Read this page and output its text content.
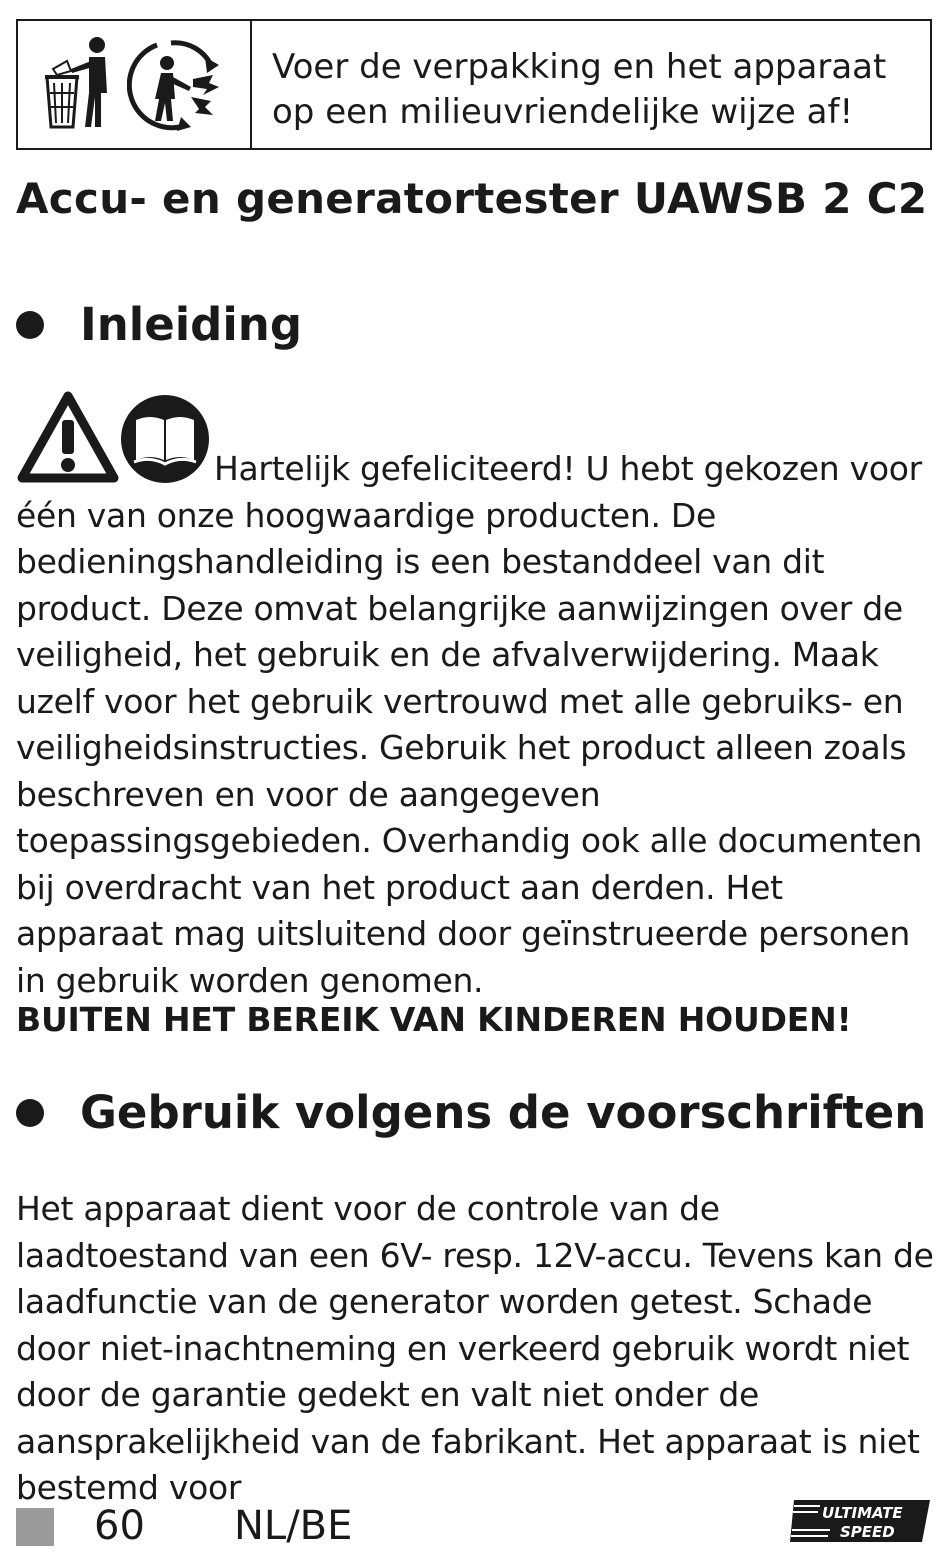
Voer de verpakking en het apparaat
op een milieuvriendelijke wijze af!
Accu- en generatortester UAWSB 2 C2
Inleiding

Hartelijk gefeliciteerd! U hebt gekozen voor één van onze hoogwaardige producten. De bedieningshandleiding is een bestanddeel van dit product. Deze omvat belangrijke aanwijzingen over de veiligheid, het gebruik en de afvalverwijdering. Maak uzelf voor het gebruik vertrouwd met alle gebruiks- en veiligheidsinstructies. Gebruik het product alleen zoals beschreven en voor de aangegeven toepassingsgebieden. Overhandig ook alle documenten bij overdracht van het product aan derden. Het apparaat mag uitsluitend door geïnstrueerde personen in gebruik worden genomen.

BUITEN HET BEREIK VAN KINDEREN HOUDEN!

Gebruik volgens de voorschriften

Het apparaat dient voor de controle van de laadtoestand van een 6V- resp. 12V-accu. Tevens kan de laadfunctie van de generator worden getest. Schade door niet-inachtneming en verkeerd gebruik wordt niet door de garantie gedekt en valt niet onder de aansprakelijkheid van de fabrikant. Het apparaat is niet bestemd voor

60 NL/BE	ULTIMATE
SPEED
